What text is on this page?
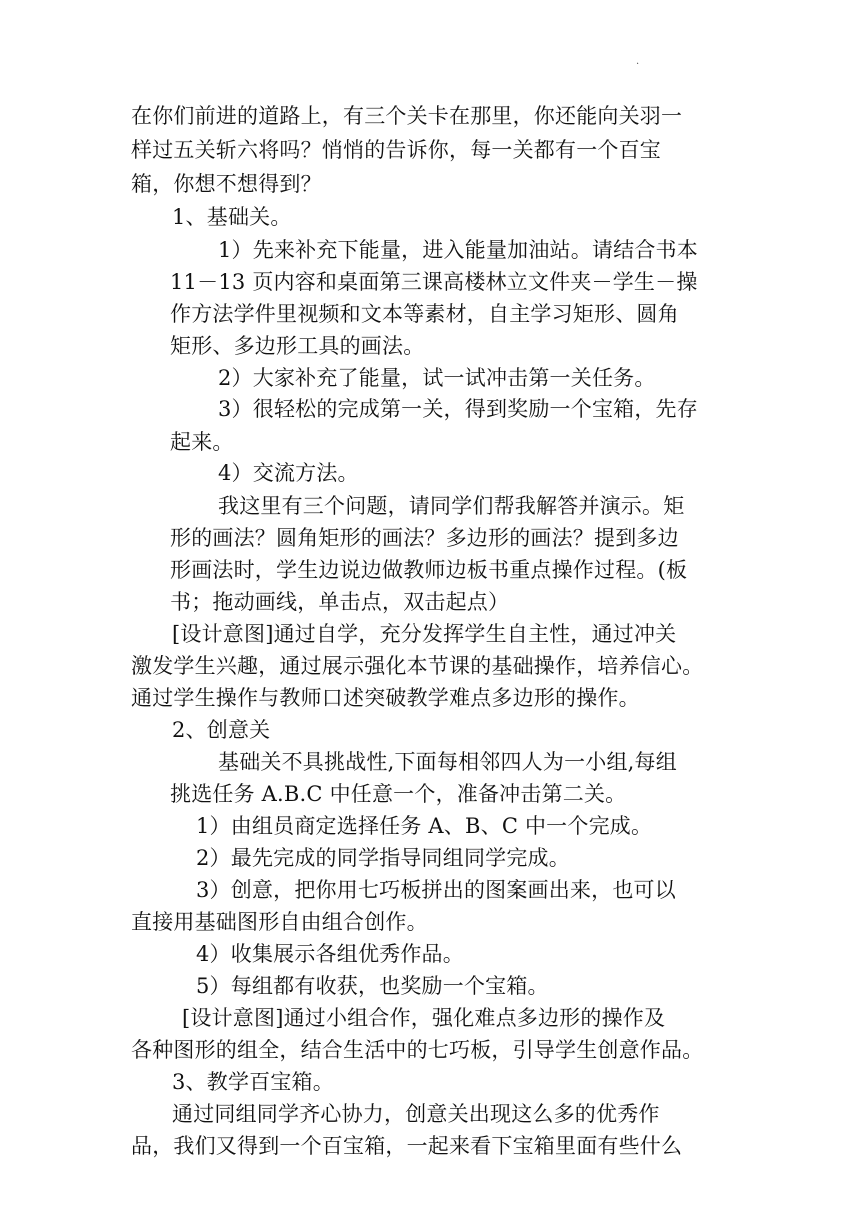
.
在你们前进的道路上，有三个关卡在那里，你还能向关羽一
样过五关斩六将吗？悄悄的告诉你，每一关都有一个百宝
箱，你想不想得到？
1、基础关。
1）先来补充下能量，进入能量加油站。请结合书本
11－13 页内容和桌面第三课高楼林立文件夹－学生－操
作方法学件里视频和文本等素材，自主学习矩形、圆角
矩形、多边形工具的画法。
2）大家补充了能量，试一试冲击第一关任务。
3）很轻松的完成第一关，得到奖励一个宝箱，先存
起来。
4）交流方法。
我这里有三个问题，请同学们帮我解答并演示。矩
形的画法？圆角矩形的画法？多边形的画法？提到多边
形画法时，学生边说边做教师边板书重点操作过程。(板
书；拖动画线，单击点，双击起点）
[设计意图]通过自学，充分发挥学生自主性，通过冲关
激发学生兴趣，通过展示强化本节课的基础操作，培养信心。
通过学生操作与教师口述突破教学难点多边形的操作。
2、创意关
基础关不具挑战性,下面每相邻四人为一小组,每组
挑选任务 A.B.C 中任意一个，准备冲击第二关。
1）由组员商定选择任务 A、B、C 中一个完成。
2）最先完成的同学指导同组同学完成。
3）创意，把你用七巧板拼出的图案画出来，也可以
直接用基础图形自由组合创作。
4）收集展示各组优秀作品。
5）每组都有收获，也奖励一个宝箱。
[设计意图]通过小组合作，强化难点多边形的操作及
各种图形的组全，结合生活中的七巧板，引导学生创意作品。
3、教学百宝箱。
通过同组同学齐心协力，创意关出现这么多的优秀作
品，我们又得到一个百宝箱，一起来看下宝箱里面有些什么
